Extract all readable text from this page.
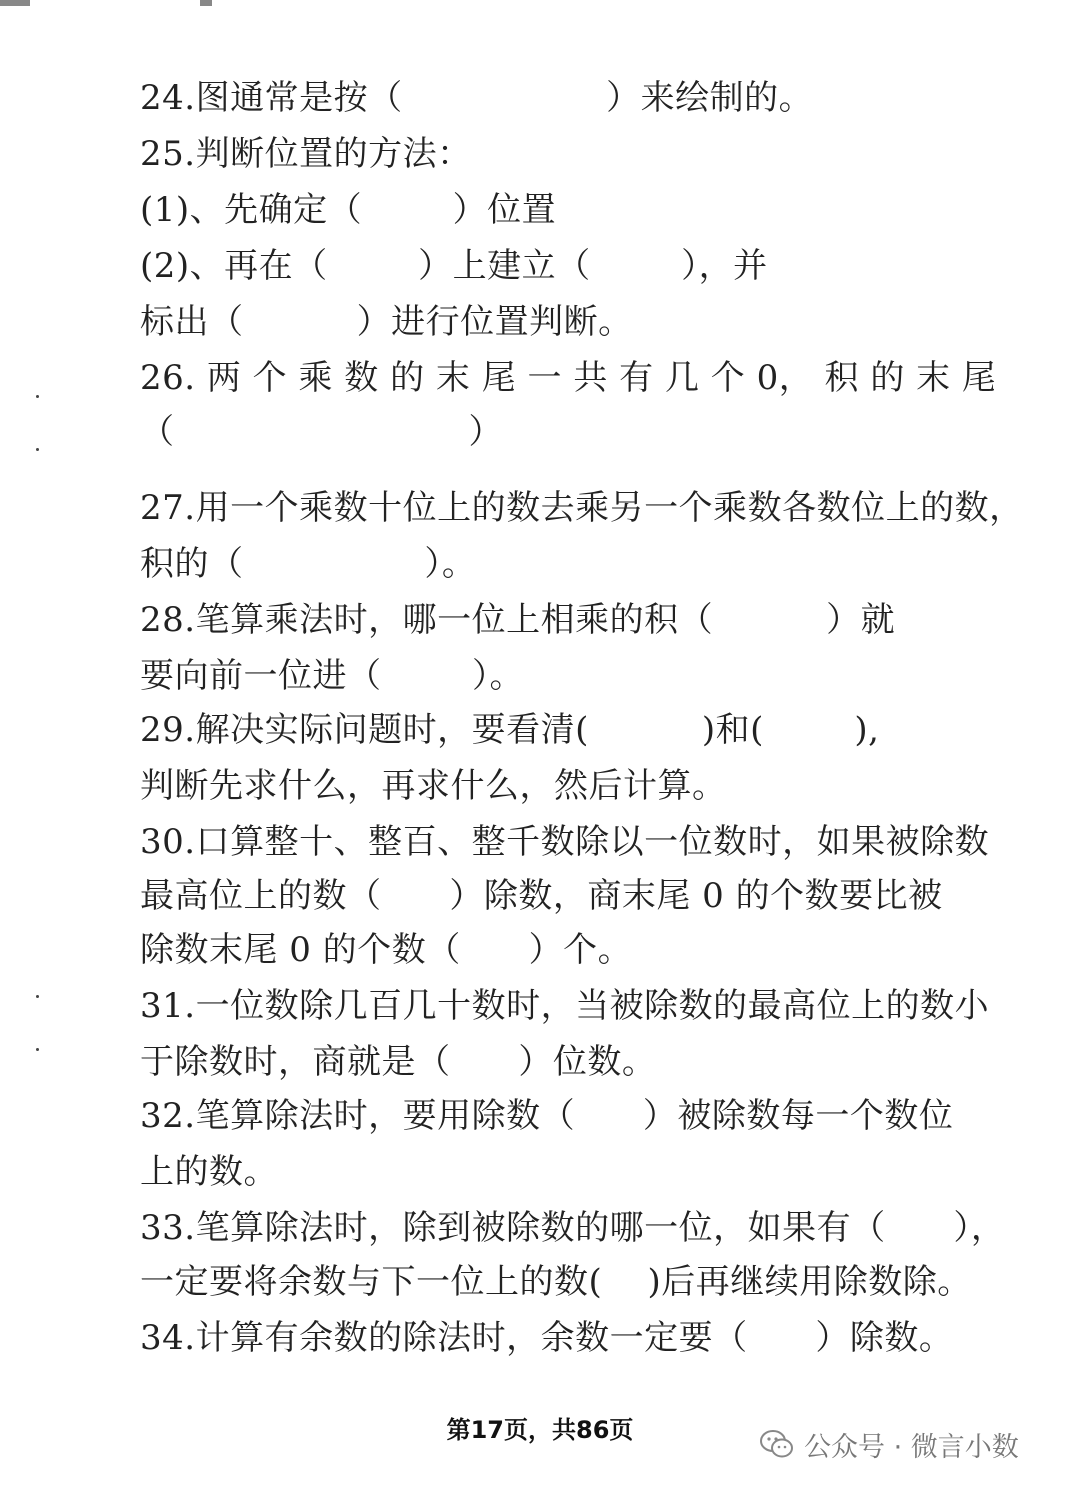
24.图通常是按（                  ）来绘制的。
25.判断位置的方法：
(1)、先确定（        ）位置
(2)、再在（        ）上建立（        ），并
标出（          ）进行位置判断。
26. 两 个 乘 数 的 末 尾 一 共 有 几 个 0， 积 的 末 尾
（                          ）
27.用一个乘数十位上的数去乘另一个乘数各数位上的数，
积的（                ）。
28.笔算乘法时，哪一位上相乘的积（          ）就
要向前一位进（        ）。
29.解决实际问题时，要看清(          )和(        ),
判断先求什么，再求什么，然后计算。
30.口算整十、整百、整千数除以一位数时，如果被除数
最高位上的数（      ）除数，商末尾 0 的个数要比被
除数末尾 0 的个数（      ）个。
31.一位数除几百几十数时，当被除数的最高位上的数小
于除数时，商就是（      ）位数。
32.笔算除法时，要用除数（      ）被除数每一个数位
上的数。
33.笔算除法时，除到被除数的哪一位，如果有（      ），
一定要将余数与下一位上的数(    )后再继续用除数除。
34.计算有余数的除法时，余数一定要（      ）除数。
第17页，共86页
公众号 · 微言小数
